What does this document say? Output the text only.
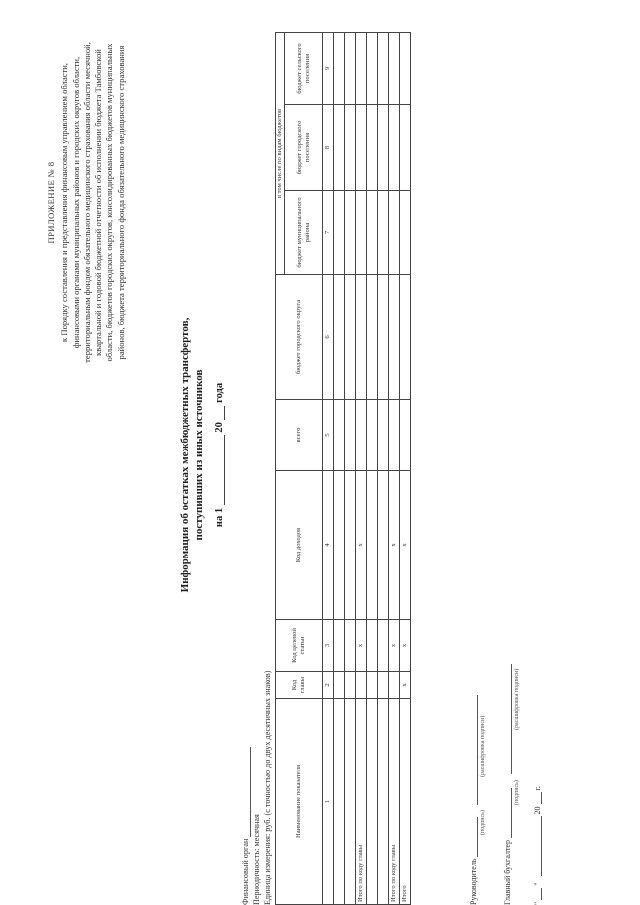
ПРИЛОЖЕНИЕ № 8 к Порядку составления и представления финансовым управлением области, финансовыми органами муниципальных районов и городских округов области, территориальным фондом обязательного медицинского страхования области месячной, квартальной и годовой бюджетной отчетности об исполнении бюджета Тамбовской области, бюджетов городских округов, консолидированных бюджетов муниципальных районов, бюджета территориального фонда обязательного медицинского страхования
Информация об остатках межбюджетных трансфертов, поступивших из иных источников на 1  20  года
Финансовый орган Периодичность: месячная Единица измерения: руб. (с точностью до двух десятичных знаков)	Наименование показателя	Код главы	Код целевой статьи	Код доходов	всего	бюджет городского округа	в том числе по видам бюджетов	
						бюджет муниципального района	бюджет городского поселения	бюджет сельского поселения
1	2	3	4	5	6	7	8	9

Итого по коду главы		х	х					

Итого по коду главы		х	х					
Итого	х	х	х					
Руководитель
(подпись)
(расшифровка подписи)
Главный бухгалтер
(подпись)
(расшифровка подписи)
"  "  20  г.
